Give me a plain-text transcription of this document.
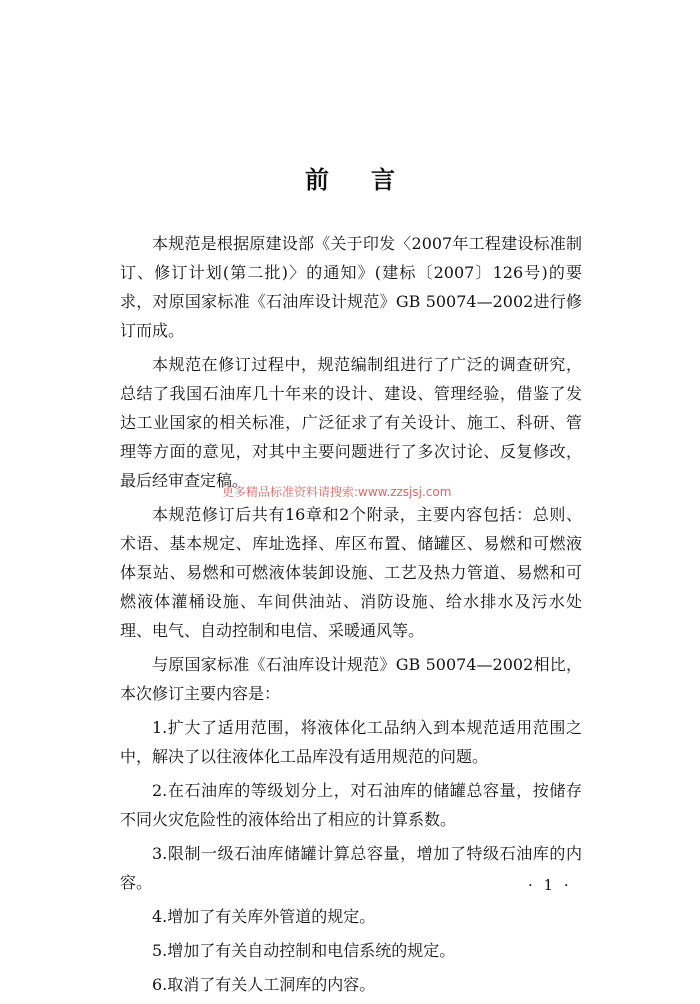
前言

本规范是根据原建设部《关于印发〈2007年工程建设标准制订、修订计划(第二批)〉的通知》(建标〔2007〕126号)的要求，对原国家标准《石油库设计规范》GB 50074—2002进行修订而成。

本规范在修订过程中，规范编制组进行了广泛的调查研究，总结了我国石油库几十年来的设计、建设、管理经验，借鉴了发达工业国家的相关标准，广泛征求了有关设计、施工、科研、管理等方面的意见，对其中主要问题进行了多次讨论、反复修改，最后经审查定稿。

本规范修订后共有16章和2个附录，主要内容包括：总则、术语、基本规定、库址选择、库区布置、储罐区、易燃和可燃液体泵站、易燃和可燃液体装卸设施、工艺及热力管道、易燃和可燃液体灌桶设施、车间供油站、消防设施、给水排水及污水处理、电气、自动控制和电信、采暖通风等。

与原国家标准《石油库设计规范》GB 50074—2002相比，本次修订主要内容是：

1.扩大了适用范围，将液体化工品纳入到本规范适用范围之中，解决了以往液体化工品库没有适用规范的问题。

2.在石油库的等级划分上，对石油库的储罐总容量，按储存不同火灾危险性的液体给出了相应的计算系数。

3.限制一级石油库储罐计算总容量，增加了特级石油库的内容。

4.增加了有关库外管道的规定。

5.增加了有关自动控制和电信系统的规定。

6.取消了有关人工洞库的内容。

更多精品标准资料请搜索:www.zzsjsj.com
· 1 ·
